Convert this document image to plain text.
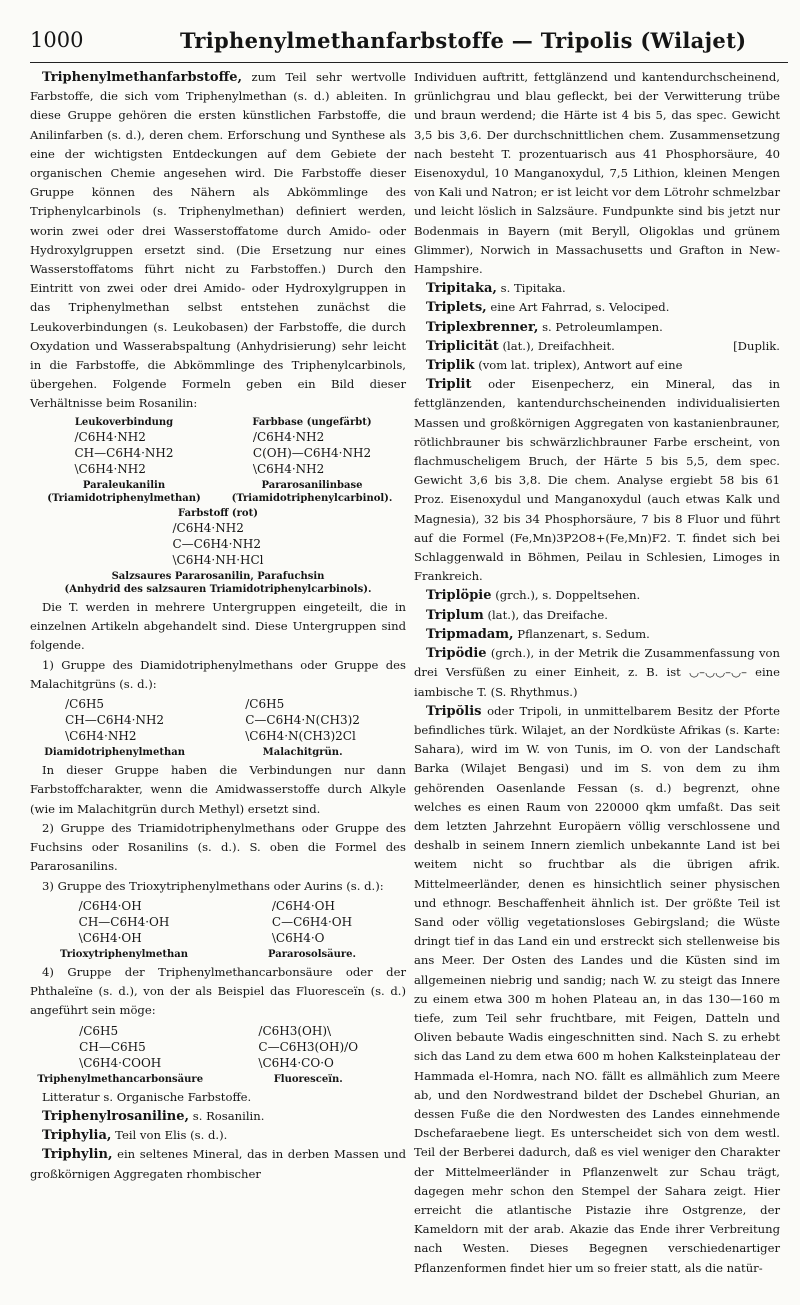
1000	Triphenylmethanfarbstoffe — Tripolis (Wilajet)

Triphenylmethanfarbstoffe, zum Teil sehr wertvolle Farbstoffe, die sich vom Triphenylmethan (s. d.) ableiten. In diese Gruppe gehören die ersten künstlichen Farbstoffe, die Anilinfarben (s. d.), deren chem. Erforschung und Synthese als eine der wichtigsten Entdeckungen auf dem Gebiete der organischen Chemie angesehen wird. Die Farbstoffe dieser Gruppe können des Nähern als Abkömmlinge des Triphenylcarbinols (s. Triphenylmethan) definiert werden, worin zwei oder drei Wasserstoffatome durch Amido- oder Hydroxylgruppen ersetzt sind. (Die Ersetzung nur eines Wasserstoffatoms führt nicht zu Farbstoffen.) Durch den Eintritt von zwei oder drei Amido- oder Hydroxylgruppen in das Triphenylmethan selbst entstehen zunächst die Leukoverbindungen (s. Leukobasen) der Farbstoffe, die durch Oxydation und Wasserabspaltung (Anhydrisierung) sehr leicht in die Farbstoffe, die Abkömmlinge des Triphenylcarbinols, übergehen. Folgende Formeln geben ein Bild dieser Verhältnisse beim Rosanilin:

Leukoverbindung
/C6H4·NH2
CH—C6H4·NH2
\C6H4·NH2
Paraleukanilin
(Triamidotriphenylmethan)
Farbbase (ungefärbt)
/C6H4·NH2
C(OH)—C6H4·NH2
\C6H4·NH2
Pararosanilinbase
(Triamidotriphenylcarbinol).
Farbstoff (rot)
/C6H4·NH2
C—C6H4·NH2
\C6H4·NH·HCl
Salzsaures Pararosanilin, Parafuchsin
(Anhydrid des salzsauren Triamidotriphenylcarbinols).

Die T. werden in mehrere Untergruppen eingeteilt, die in einzelnen Artikeln abgehandelt sind. Diese Untergruppen sind folgende.

1) Gruppe des Diamidotriphenylmethans oder Gruppe des Malachitgrüns (s. d.):

/C6H5
CH—C6H4·NH2
\C6H4·NH2
Diamidotriphenylmethan
/C6H5
C—C6H4·N(CH3)2
\C6H4·N(CH3)2Cl
Malachitgrün.

In dieser Gruppe haben die Verbindungen nur dann Farbstoffcharakter, wenn die Amidwasserstoffe durch Alkyle (wie im Malachitgrün durch Methyl) ersetzt sind.

2) Gruppe des Triamidotriphenylmethans oder Gruppe des Fuchsins oder Rosanilins (s. d.). S. oben die Formel des Pararosanilins.

3) Gruppe des Trioxytriphenylmethans oder Aurins (s. d.):

/C6H4·OH
CH—C6H4·OH
\C6H4·OH
Trioxytriphenylmethan
/C6H4·OH
C—C6H4·OH
\C6H4·O
Pararosolsäure.

4) Gruppe der Triphenylmethancarbonsäure oder der Phthaleïne (s. d.), von der als Beispiel das Fluoresceïn (s. d.) angeführt sein möge:

/C6H5
CH—C6H5
\C6H4·COOH
Triphenylmethancarbonsäure
/C6H3(OH)\
C—C6H3(OH)/O
\C6H4·CO·O
Fluoresceïn.

Litteratur s. Organische Farbstoffe.

Triphenylrosaniline, s. Rosanilin.

Triphylia, Teil von Elis (s. d.).

Triphylin, ein seltenes Mineral, das in derben Massen und großkörnigen Aggregaten rhombischer

Individuen auftritt, fettglänzend und kantendurchscheinend, grünlichgrau und blau gefleckt, bei der Verwitterung trübe und braun werdend; die Härte ist 4 bis 5, das spec. Gewicht 3,5 bis 3,6. Der durchschnittlichen chem. Zusammensetzung nach besteht T. prozentuarisch aus 41 Phosphorsäure, 40 Eisenoxydul, 10 Manganoxydul, 7,5 Lithion, kleinen Mengen von Kali und Natron; er ist leicht vor dem Lötrohr schmelzbar und leicht löslich in Salzsäure. Fundpunkte sind bis jetzt nur Bodenmais in Bayern (mit Beryll, Oligoklas und grünem Glimmer), Norwich in Massachusetts und Grafton in New-Hampshire.

Tripitaka, s. Tipitaka.

Triplets, eine Art Fahrrad, s. Velociped.

Triplexbrenner, s. Petroleumlampen.

Triplicität (lat.), Dreifachheit.	[Duplik.

Triplik (vom lat. triplex), Antwort auf eine

Triplit oder Eisenpecherz, ein Mineral, das in fettglänzenden, kantendurchscheinenden individualisierten Massen und großkörnigen Aggregaten von kastanienbrauner, rötlichbrauner bis schwärzlichbrauner Farbe erscheint, von flachmuscheligem Bruch, der Härte 5 bis 5,5, dem spec. Gewicht 3,6 bis 3,8. Die chem. Analyse ergiebt 58 bis 61 Proz. Eisenoxydul und Manganoxydul (auch etwas Kalk und Magnesia), 32 bis 34 Phosphorsäure, 7 bis 8 Fluor und führt auf die Formel (Fe,Mn)3P2O8+(Fe,Mn)F2. T. findet sich bei Schlaggenwald in Böhmen, Peilau in Schlesien, Limoges in Frankreich.

Triplöpie (grch.), s. Doppeltsehen.

Triplum (lat.), das Dreifache.

Tripmadam, Pflanzenart, s. Sedum.

Tripödie (grch.), in der Metrik die Zusammenfassung von drei Versfüßen zu einer Einheit, z. B. ist ◡–◡◡–◡– eine iambische T. (S. Rhythmus.)

Tripŏlis oder Tripoli, in unmittelbarem Besitz der Pforte befindliches türk. Wilajet, an der Nordküste Afrikas (s. Karte: Sahara), wird im W. von Tunis, im O. von der Landschaft Barka (Wilajet Bengasi) und im S. von dem zu ihm gehörenden Oasenlande Fessan (s. d.) begrenzt, ohne welches es einen Raum von 220000 qkm umfaßt. Das seit dem letzten Jahrzehnt Europäern völlig verschlossene und deshalb in seinem Innern ziemlich unbekannte Land ist bei weitem nicht so fruchtbar als die übrigen afrik. Mittelmeerländer, denen es hinsichtlich seiner physischen und ethnogr. Beschaffenheit ähnlich ist. Der größte Teil ist Sand oder völlig vegetationsloses Gebirgsland; die Wüste dringt tief in das Land ein und erstreckt sich stellenweise bis ans Meer. Der Osten des Landes und die Küsten sind im allgemeinen niebrig und sandig; nach W. zu steigt das Innere zu einem etwa 300 m hohen Plateau an, in das 130—160 m tiefe, zum Teil sehr fruchtbare, mit Feigen, Datteln und Oliven bebaute Wadis eingeschnitten sind. Nach S. zu erhebt sich das Land zu dem etwa 600 m hohen Kalksteinplateau der Hammada el-Homra, nach NO. fällt es allmählich zum Meere ab, und den Nordwestrand bildet der Dschebel Ghurian, an dessen Fuße die den Nordwesten des Landes einnehmende Dschefaraebene liegt. Es unterscheidet sich von dem westl. Teil der Berberei dadurch, daß es viel weniger den Charakter der Mittelmeerländer in Pflanzenwelt zur Schau trägt, dagegen mehr schon den Stempel der Sahara zeigt. Hier erreicht die atlantische Pistazie ihre Ostgrenze, der Kameldorn mit der arab. Akazie das Ende ihrer Verbreitung nach Westen. Dieses Begegnen verschiedenartiger Pflanzenformen findet hier um so freier statt, als die natür-
